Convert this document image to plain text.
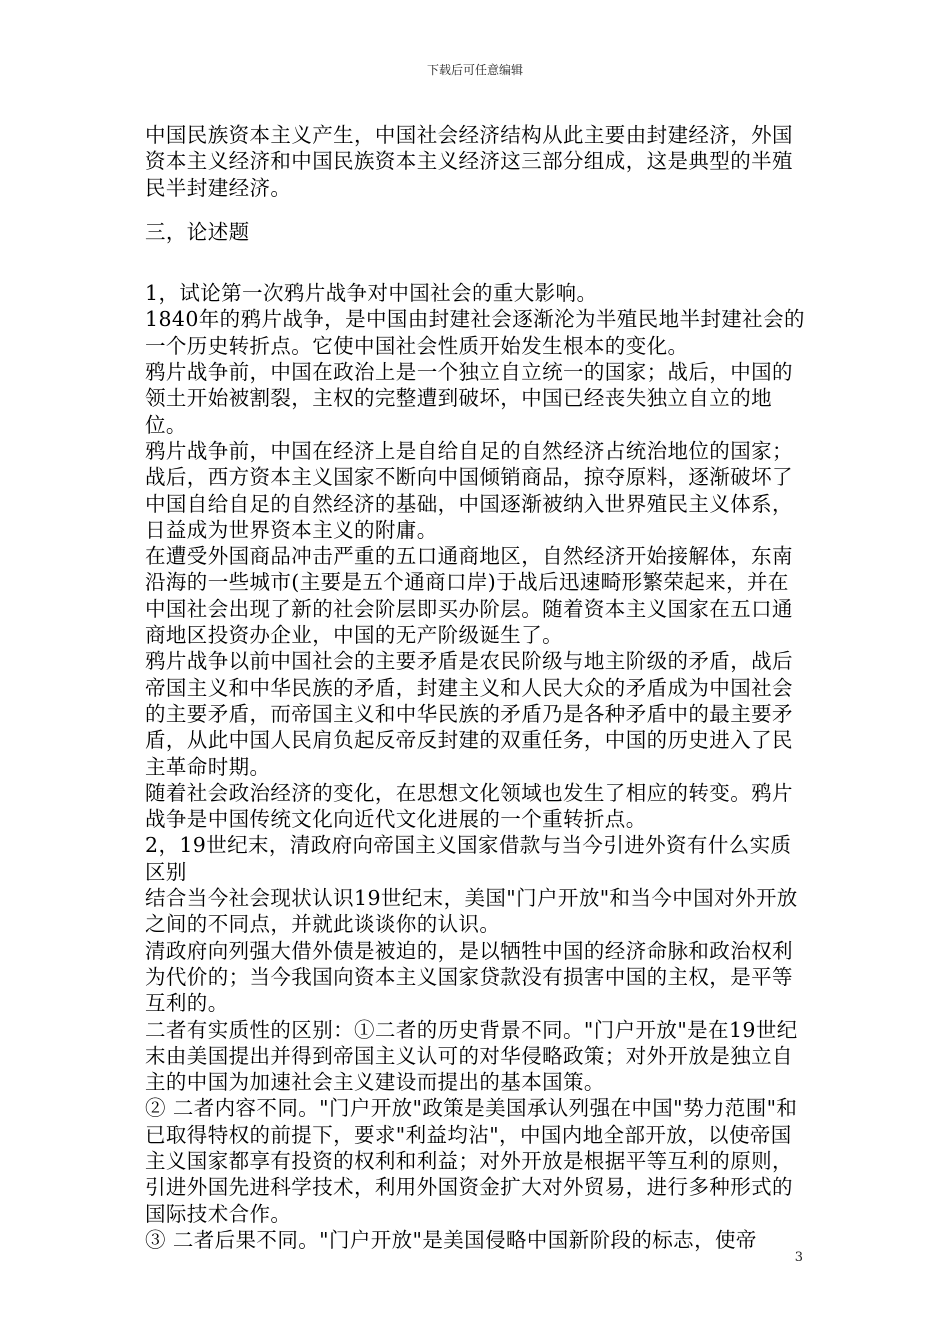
下载后可任意编辑

中国民族资本主义产生，中国社会经济结构从此主要由封建经济，外国资本主义经济和中国民族资本主义经济这三部分组成，这是典型的半殖民半封建经济。

三，论述题

1，试论第一次鸦片战争对中国社会的重大影响。

1840年的鸦片战争，是中国由封建社会逐渐沦为半殖民地半封建社会的一个历史转折点。它使中国社会性质开始发生根本的变化。

鸦片战争前，中国在政治上是一个独立自立统一的国家；战后，中国的领土开始被割裂，主权的完整遭到破坏，中国已经丧失独立自立的地位。

鸦片战争前，中国在经济上是自给自足的自然经济占统治地位的国家；战后，西方资本主义国家不断向中国倾销商品，掠夺原料，逐渐破坏了中国自给自足的自然经济的基础，中国逐渐被纳入世界殖民主义体系，日益成为世界资本主义的附庸。

在遭受外国商品冲击严重的五口通商地区，自然经济开始接解体，东南沿海的一些城市(主要是五个通商口岸)于战后迅速畸形繁荣起来，并在中国社会出现了新的社会阶层即买办阶层。随着资本主义国家在五口通商地区投资办企业，中国的无产阶级诞生了。

鸦片战争以前中国社会的主要矛盾是农民阶级与地主阶级的矛盾，战后帝国主义和中华民族的矛盾，封建主义和人民大众的矛盾成为中国社会的主要矛盾，而帝国主义和中华民族的矛盾乃是各种矛盾中的最主要矛盾，从此中国人民肩负起反帝反封建的双重任务，中国的历史进入了民主革命时期。

随着社会政治经济的变化，在思想文化领域也发生了相应的转变。鸦片战争是中国传统文化向近代文化进展的一个重转折点。

2，19世纪末，清政府向帝国主义国家借款与当今引进外资有什么实质区别

结合当今社会现状认识19世纪末，美国"门户开放"和当今中国对外开放之间的不同点，并就此谈谈你的认识。

清政府向列强大借外债是被迫的，是以牺牲中国的经济命脉和政治权利为代价的；当今我国向资本主义国家贷款没有损害中国的主权，是平等互利的。

二者有实质性的区别：①二者的历史背景不同。"门户开放"是在19世纪末由美国提出并得到帝国主义认可的对华侵略政策；对外开放是独立自主的中国为加速社会主义建设而提出的基本国策。

② 二者内容不同。"门户开放"政策是美国承认列强在中国"势力范围"和已取得特权的前提下，要求"利益均沾"，中国内地全部开放，以使帝国主义国家都享有投资的权利和利益；对外开放是根据平等互利的原则，引进外国先进科学技术，利用外国资金扩大对外贸易，进行多种形式的国际技术合作。

③ 二者后果不同。"门户开放"是美国侵略中国新阶段的标志，使帝

3
